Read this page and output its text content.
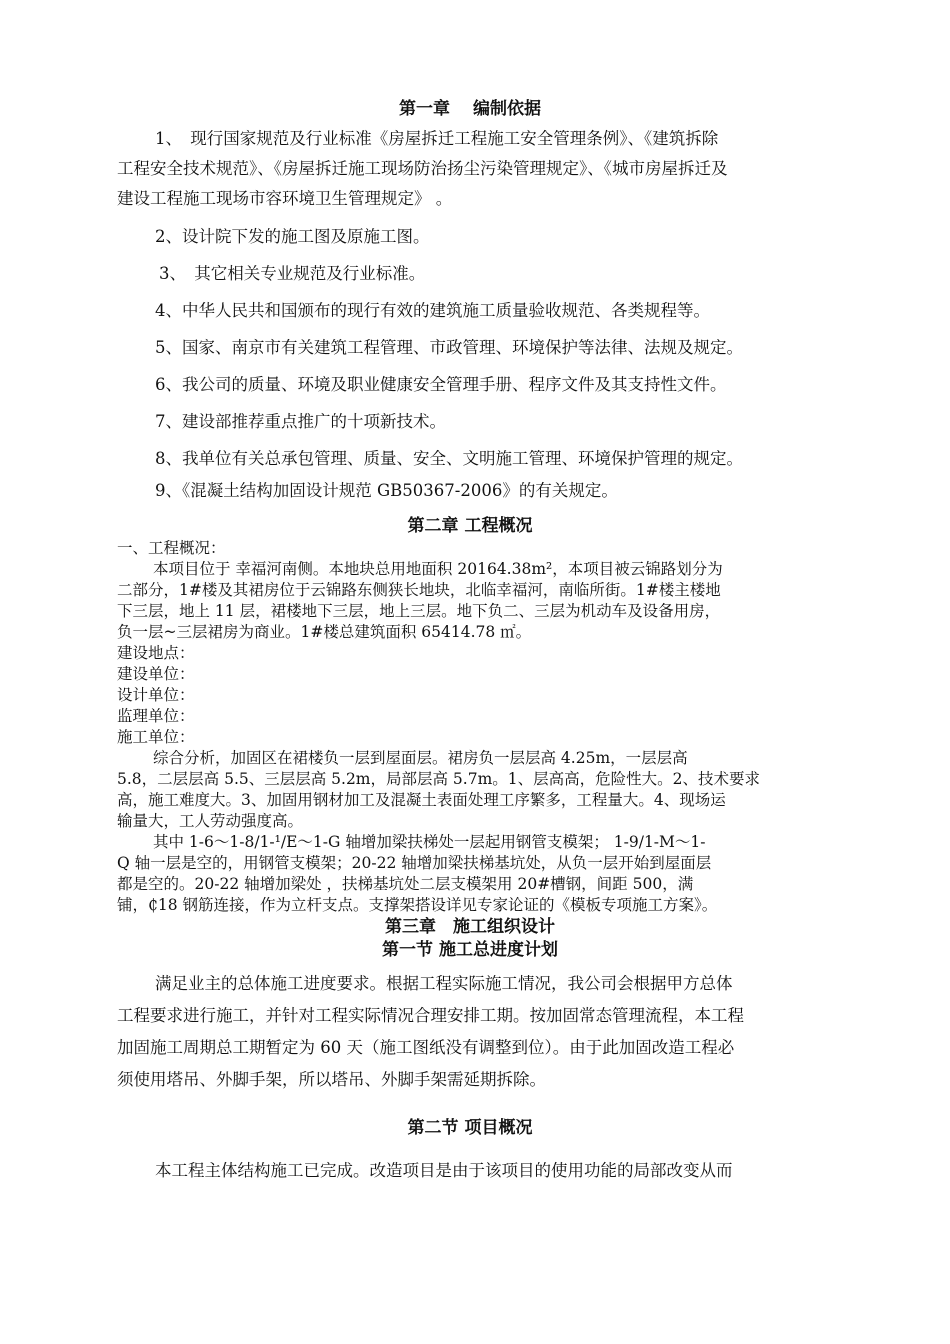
第一章　 编制依据
1、　现行国家规范及行业标准《房屋拆迁工程施工安全管理条例》、《建筑拆除
工程安全技术规范》、《房屋拆迁施工现场防治扬尘污染管理规定》、《城市房屋拆迁及
建设工程施工现场市容环境卫生管理规定》 。
2、设计院下发的施工图及原施工图。
3、　其它相关专业规范及行业标准。
4、中华人民共和国颁布的现行有效的建筑施工质量验收规范、各类规程等。
5、国家、南京市有关建筑工程管理、市政管理、环境保护等法律、法规及规定。
6、我公司的质量、环境及职业健康安全管理手册、程序文件及其支持性文件。
7、建设部推荐重点推广的十项新技术。
8、我单位有关总承包管理、质量、安全、文明施工管理、环境保护管理的规定。
9、《混凝土结构加固设计规范 GB50367-2006》的有关规定。
第二章 工程概况
一、工程概况：
本项目位于 幸福河南侧。本地块总用地面积 20164.38m²，本项目被云锦路划分为
二部分，1#楼及其裙房位于云锦路东侧狭长地块，北临幸福河，南临所街。1#楼主楼地
下三层，地上 11 层，裙楼地下三层，地上三层。地下负二、三层为机动车及设备用房，
负一层~三层裙房为商业。1#楼总建筑面积 65414.78 ㎡。
建设地点：
建设单位：
设计单位：
监理单位：
施工单位：
综合分析，加固区在裙楼负一层到屋面层。裙房负一层层高 4.25m，一层层高
5.8，二层层高 5.5、三层层高 5.2m，局部层高 5.7m。1、层高高，危险性大。2、技术要求
高，施工难度大。3、加固用钢材加工及混凝土表面处理工序繁多，工程量大。4、现场运
输量大，工人劳动强度高。
其中 1-6～1-8/1-¹/E～1-G 轴增加梁扶梯处一层起用钢管支模架； 1-9/1-M～1-
Q 轴一层是空的，用钢管支模架；20-22 轴增加梁扶梯基坑处，从负一层开始到屋面层
都是空的。20-22 轴增加梁处 ，扶梯基坑处二层支模架用 20#槽钢，间距 500，满
铺，₵18 钢筋连接，作为立杆支点。支撑架搭设详见专家论证的《模板专项施工方案》。
第三章　施工组织设计
第一节 施工总进度计划
满足业主的总体施工进度要求。根据工程实际施工情况，我公司会根据甲方总体
工程要求进行施工，并针对工程实际情况合理安排工期。按加固常态管理流程，本工程
加固施工周期总工期暂定为 60 天（施工图纸没有调整到位）。由于此加固改造工程必
须使用塔吊、外脚手架，所以塔吊、外脚手架需延期拆除。
第二节 项目概况
本工程主体结构施工已完成。改造项目是由于该项目的使用功能的局部改变从而
